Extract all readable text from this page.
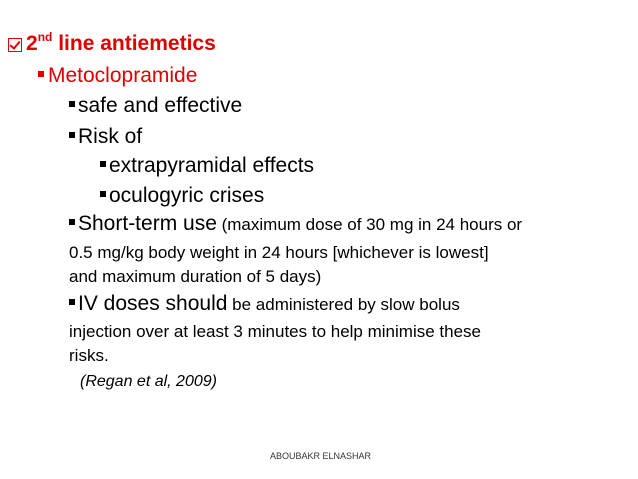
2nd line antiemetics
Metoclopramide
safe and effective
Risk of
extrapyramidal effects
oculogyric crises
Short-term use (maximum dose of 30 mg in 24 hours or
0.5 mg/kg body weight in 24 hours [whichever is lowest]
and maximum duration of 5 days)
IV doses should be administered by slow bolus
injection over at least 3 minutes to help minimise these
risks.
(Regan et al, 2009)
ABOUBAKR ELNASHAR
